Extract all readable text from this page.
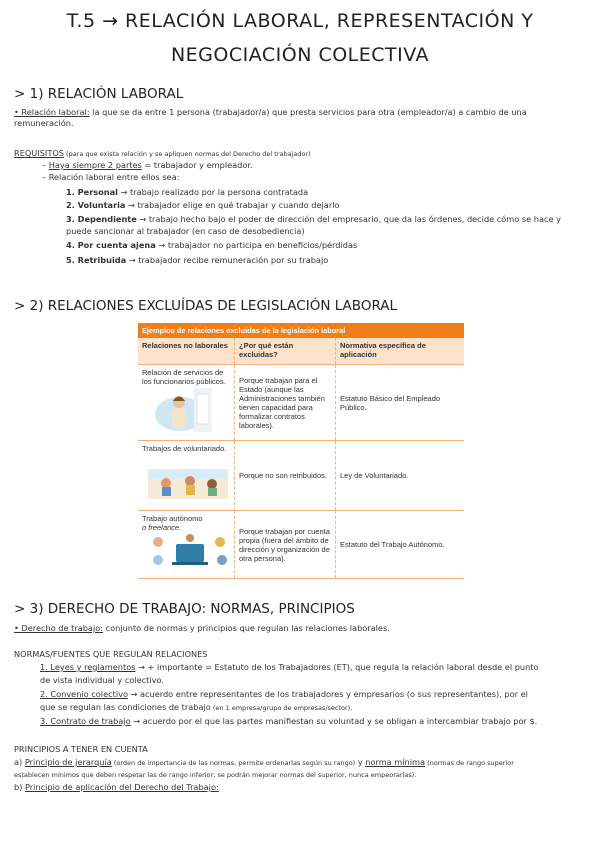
T.5 → RELACIÓN LABORAL, REPRESENTACIÓN Y
NEGOCIACIÓN COLECTIVA
> 1) RELACIÓN LABORAL
• Relación laboral: la que se da entre 1 persona (trabajador/a) que presta servicios para otra (empleador/a) a cambio de una remuneración.
REQUISITOS (para que exista relación y se apliquen normas del Derecho del trabajador)
– Haya siempre 2 partes = trabajador y empleador.
– Relación laboral entre ellos sea:
1. Personal → trabajo realizado por la persona contratada
2. Voluntaria → trabajador elige en qué trabajar y cuando dejarlo
3. Dependiente → trabajo hecho bajo el poder de dirección del empresario, que da las órdenes, decide cómo se hace y
puede sancionar al trabajador (en caso de desobediencia)
4. Por cuenta ajena → trabajador no participa en beneficios/pérdidas
5. Retribuida → trabajador recibe remuneración por su trabajo
> 2) RELACIONES EXCLUÍDAS DE LEGISLACIÓN LABORAL
Ejemplos de relaciones excluidas de la legislación laboral		
Relaciones no laborales	¿Por qué están excluidas?	Normativa específica de aplicación

Relación de servicios de los funcionarios públicos.	Porque trabajan para el Estado (aunque las Administraciones también tienen capacidad para formalizar contratos laborales).	Estatuto Básico del Empleado Público.

Trabajos de voluntariado.	Porque no son retribuidos.	Ley de Voluntariado.

Trabajo autónomo
o freelance.	Porque trabajan por cuenta propia (fuera del ámbito de dirección y organización de otra persona).	Estatuto del Trabajo Autónomo.
> 3) DERECHO DE TRABAJO: NORMAS, PRINCIPIOS
• Derecho de trabajo: conjunto de normas y principios que regulan las relaciones laborales.
NORMAS/FUENTES QUE REGULAN RELACIONES
1. Leyes y reglamentos → + importante = Estatuto de los Trabajadores (ET), que regula la relación laboral desde el punto
de vista individual y colectivo.
2. Convenio colectivo → acuerdo entre representantes de los trabajadores y empresarios (o sus representantes), por el
que se regulan las condiciones de trabajo (en 1 empresa/grupo de empresas/sector).
3. Contrato de trabajo → acuerdo por el que las partes manifiestan su voluntad y se obligan a intercambiar trabajo por $.
PRINCIPIOS A TENER EN CUENTA
a) Principio de jerarquía (orden de importancia de las normas, permite ordenarlas según su rango) y norma mínima (normas de rango superior
establecen mínimos que deben respetar las de rango inferior; se podrán mejorar normas del superior, nunca empeorarlas).
b) Principio de aplicación del Derecho del Trabajo:
